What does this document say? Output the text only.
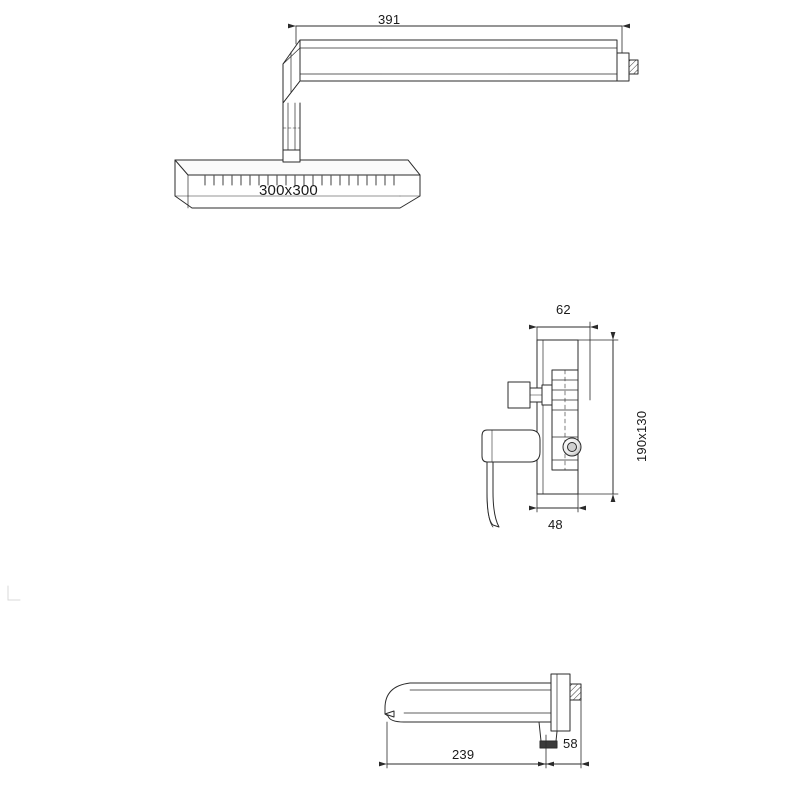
391
300x300
62
190x130
48
239
58
